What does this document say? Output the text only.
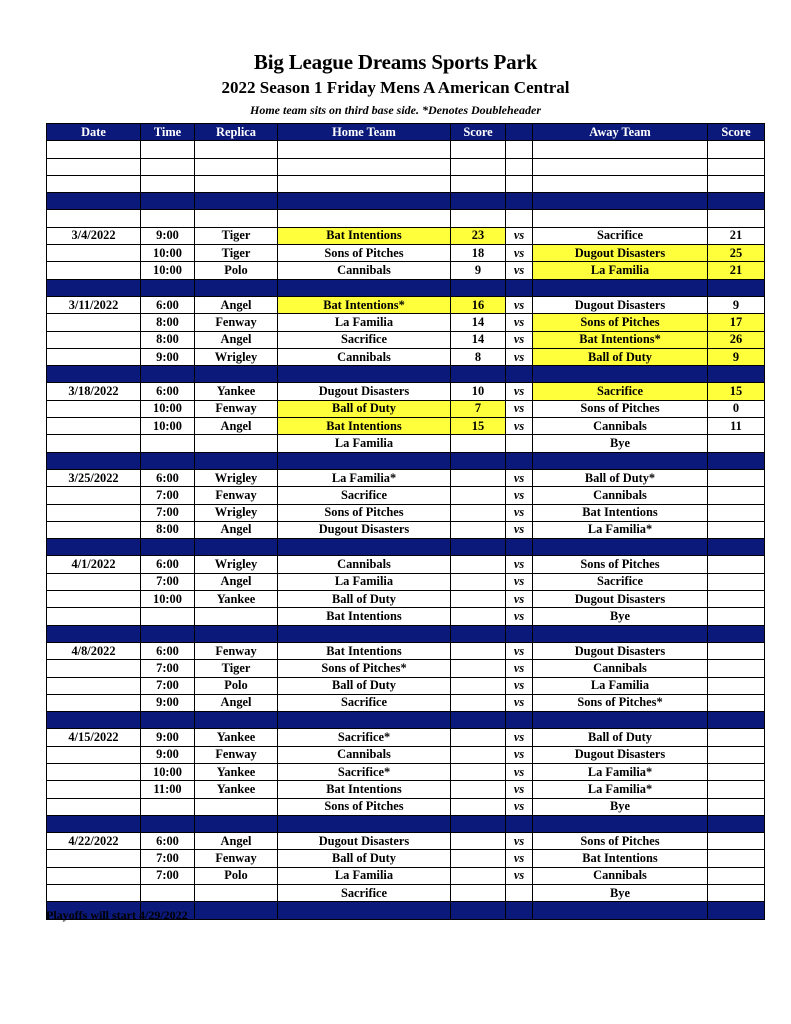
Big League Dreams Sports Park
2022 Season 1 Friday Mens A American Central
Home team sits on third base side. *Denotes Doubleheader
Date	Time	Replica	Home Team	Score		Away Team	Score

3/4/2022	9:00	Tiger	Bat Intentions	23	vs	Sacrifice	21
	10:00	Tiger	Sons of Pitches	18	vs	Dugout Disasters	25
	10:00	Polo	Cannibals	9	vs	La Familia	21

3/11/2022	6:00	Angel	Bat Intentions*	16	vs	Dugout Disasters	9
	8:00	Fenway	La Familia	14	vs	Sons of Pitches	17
	8:00	Angel	Sacrifice	14	vs	Bat Intentions*	26
	9:00	Wrigley	Cannibals	8	vs	Ball of Duty	9

3/18/2022	6:00	Yankee	Dugout Disasters	10	vs	Sacrifice	15
	10:00	Fenway	Ball of Duty	7	vs	Sons of Pitches	0
	10:00	Angel	Bat Intentions	15	vs	Cannibals	11
			La Familia			Bye	

3/25/2022	6:00	Wrigley	La Familia*		vs	Ball of Duty*	
	7:00	Fenway	Sacrifice		vs	Cannibals	
	7:00	Wrigley	Sons of Pitches		vs	Bat Intentions	
	8:00	Angel	Dugout Disasters		vs	La Familia*	

4/1/2022	6:00	Wrigley	Cannibals		vs	Sons of Pitches	
	7:00	Angel	La Familia		vs	Sacrifice	
	10:00	Yankee	Ball of Duty		vs	Dugout Disasters	
			Bat Intentions		vs	Bye	

4/8/2022	6:00	Fenway	Bat Intentions		vs	Dugout Disasters	
	7:00	Tiger	Sons of Pitches*		vs	Cannibals	
	7:00	Polo	Ball of Duty		vs	La Familia	
	9:00	Angel	Sacrifice		vs	Sons of Pitches*	

4/15/2022	9:00	Yankee	Sacrifice*		vs	Ball of Duty	
	9:00	Fenway	Cannibals		vs	Dugout Disasters	
	10:00	Yankee	Sacrifice*		vs	La Familia*	
	11:00	Yankee	Bat Intentions		vs	La Familia*	
			Sons of Pitches		vs	Bye	

4/22/2022	6:00	Angel	Dugout Disasters		vs	Sons of Pitches	
	7:00	Fenway	Ball of Duty		vs	Bat Intentions	
	7:00	Polo	La Familia		vs	Cannibals	
			Sacrifice			Bye	

Playoffs will start 4/29/2022
